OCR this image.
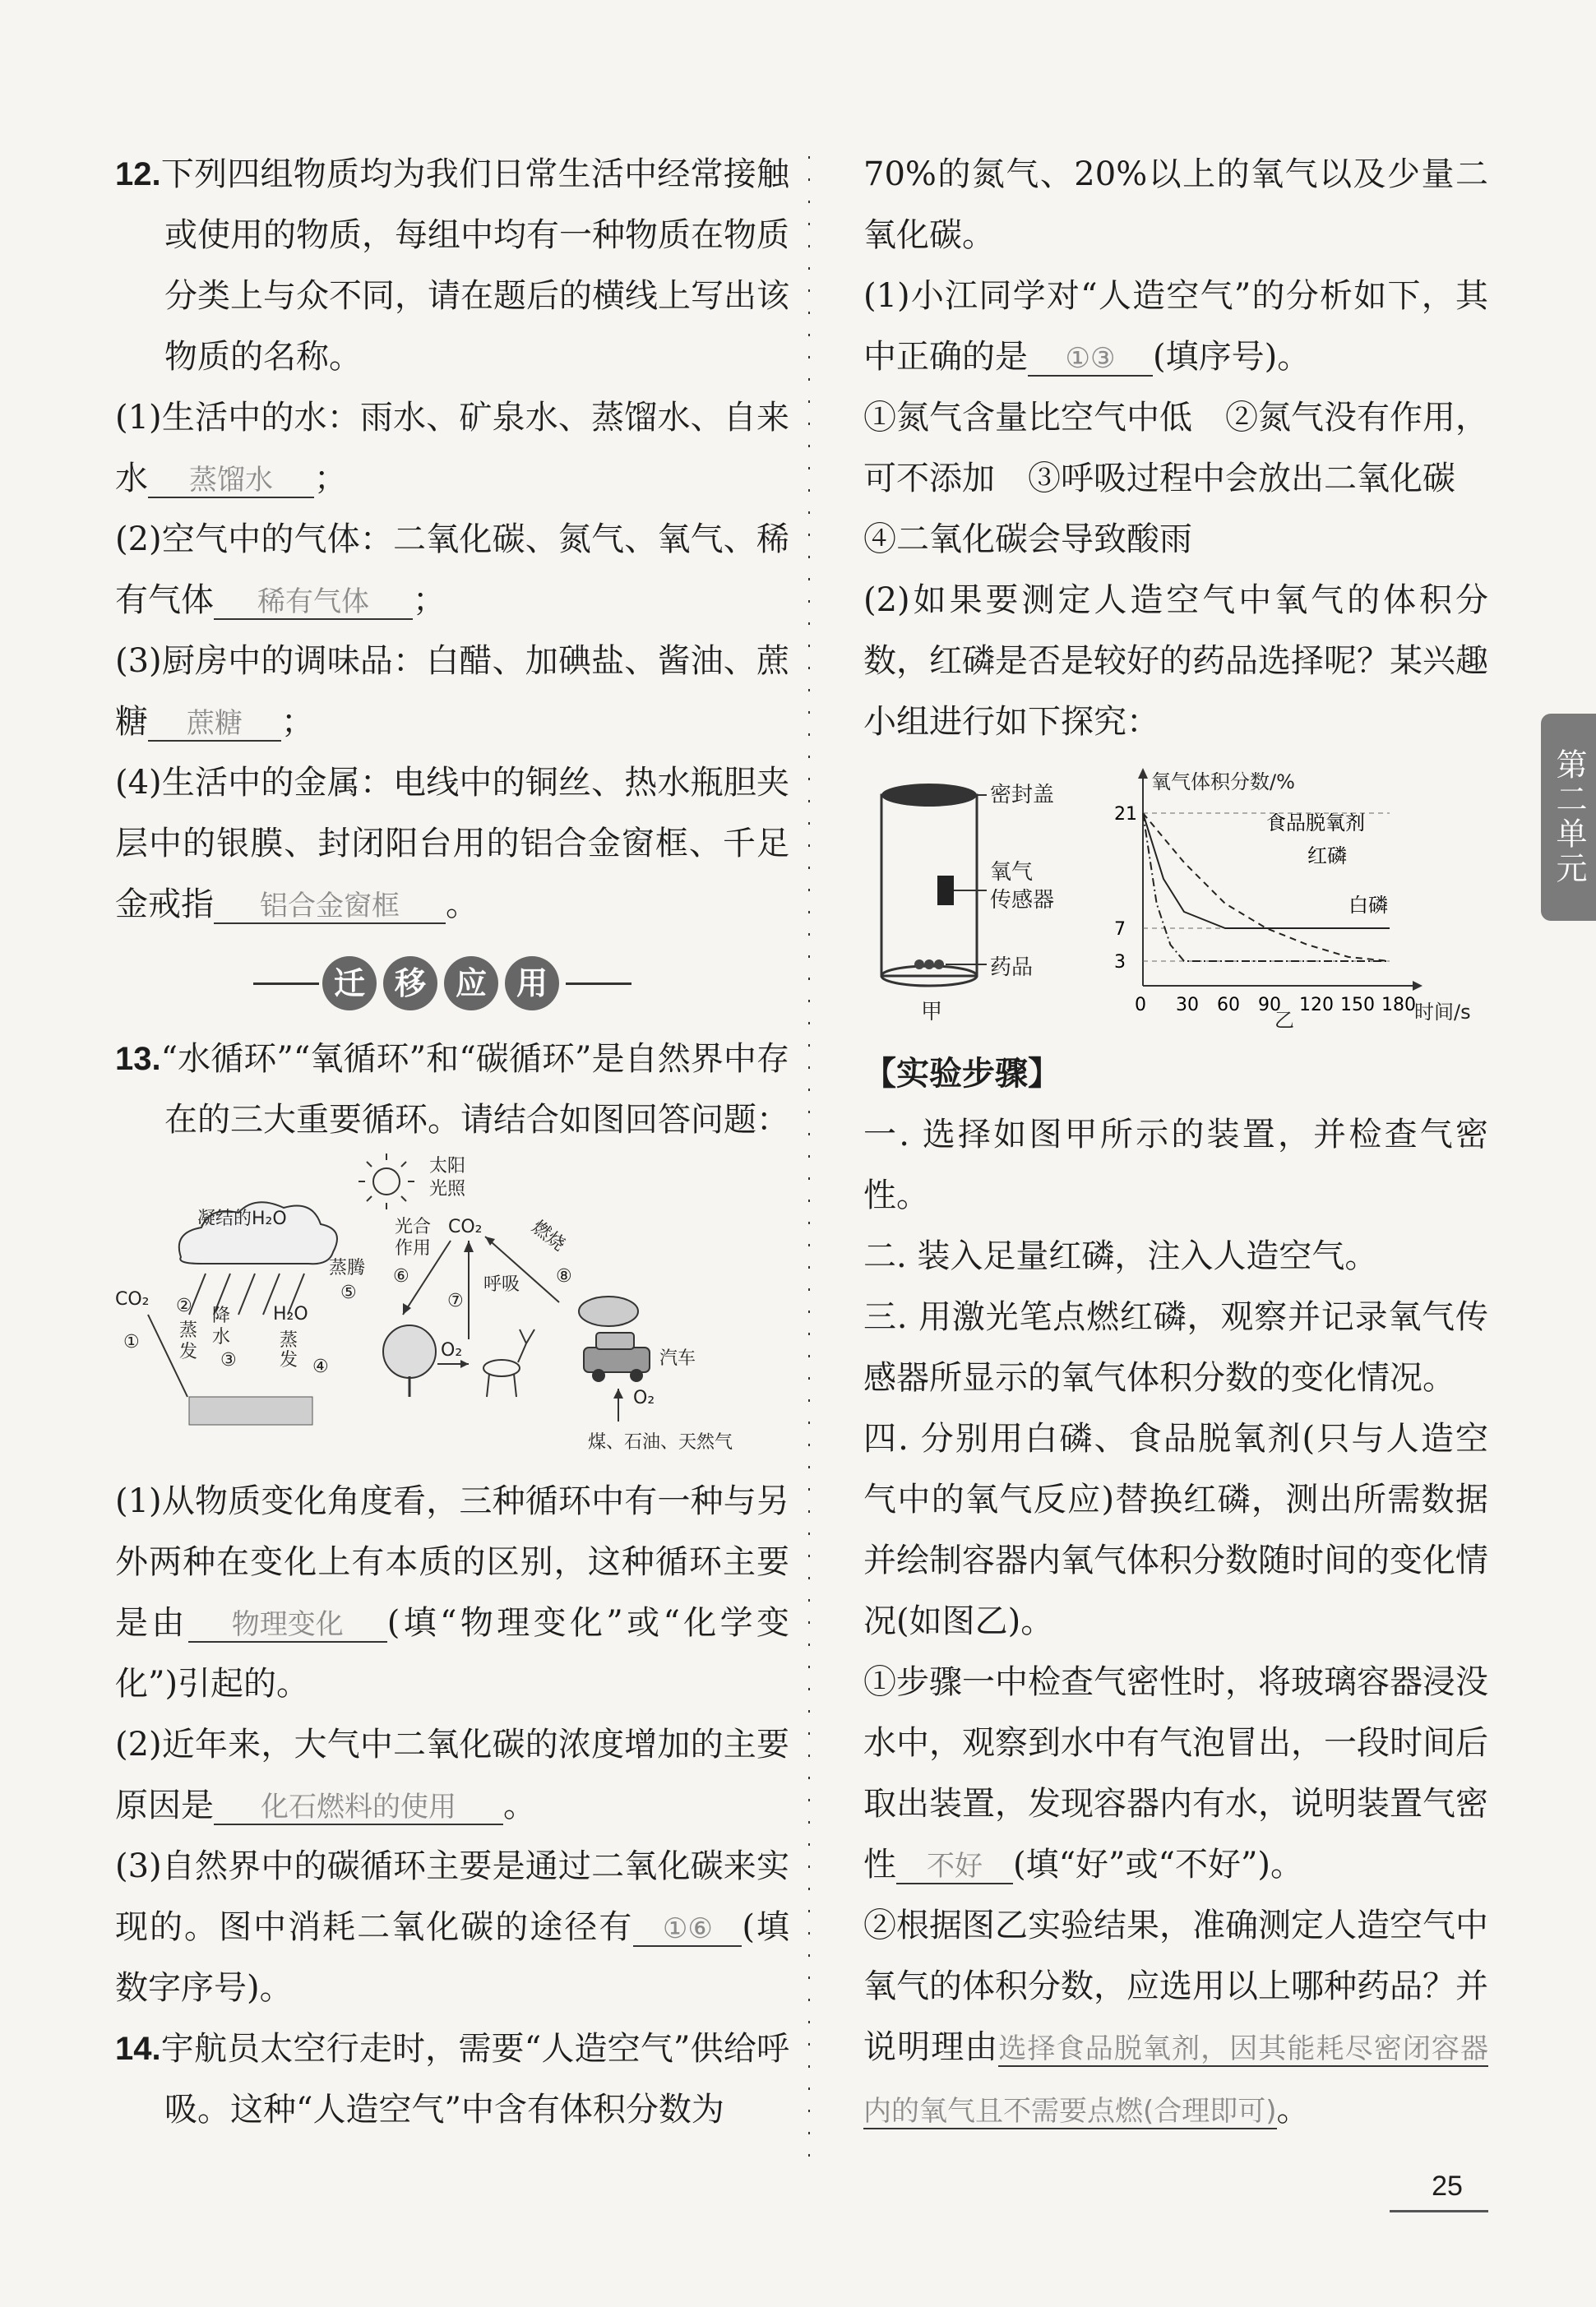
12.下列四组物质均为我们日常生活中经常接触或使用的物质，每组中均有一种物质在物质分类上与众不同，请在题后的横线上写出该物质的名称。

(1)生活中的水：雨水、矿泉水、蒸馏水、自来水 蒸馏水 ；

(2)空气中的气体：二氧化碳、氮气、氧气、稀有气体 稀有气体 ；

(3)厨房中的调味品：白醋、加碘盐、酱油、蔗糖 蔗糖 ；

(4)生活中的金属：电线中的铜丝、热水瓶胆夹层中的银膜、封闭阳台用的铝合金窗框、千足金戒指 铝合金窗框 。

迁 移 应 用

13.“水循环”“氧循环”和“碳循环”是自然界中存在的三大重要循环。请结合如图回答问题：

太阳
光照
凝结的H₂O
CO₂
①
②
蒸
发
降
水
③
H₂O
④
蒸
发
蒸腾
⑤
CO₂
光合
作用
⑥	呼吸
⑦
O₂
燃烧
⑧
汽车
O₂
煤、石油、天然气

(1)从物质变化角度看，三种循环中有一种与另外两种在变化上有本质的区别，这种循环主要是由 物理变化 (填“物理变化”或“化学变化”)引起的。

(2)近年来，大气中二氧化碳的浓度增加的主要原因是 化石燃料的使用 。

(3)自然界中的碳循环主要是通过二氧化碳来实现的。图中消耗二氧化碳的途径有 ①⑥ (填数字序号)。

14.宇航员太空行走时，需要“人造空气”供给呼吸。这种“人造空气”中含有体积分数为

70%的氮气、20%以上的氧气以及少量二氧化碳。

(1)小江同学对“人造空气”的分析如下，其中正确的是 ①③ (填序号)。

①氮气含量比空气中低　②氮气没有作用，可不添加　③呼吸过程中会放出二氧化碳

④二氧化碳会导致酸雨

(2)如果要测定人造空气中氧气的体积分数，红磷是否是较好的药品选择呢？某兴趣小组进行如下探究：

密封盖
氧气
传感器
药品
甲
氧气体积分数/%
时间/s
乙
0 30 60 90 120 150 180
3
7
21	食品脱氧剂
红磷
白磷

【实验步骤】

一. 选择如图甲所示的装置，并检查气密性。

二. 装入足量红磷，注入人造空气。

三. 用激光笔点燃红磷，观察并记录氧气传感器所显示的氧气体积分数的变化情况。

四. 分别用白磷、食品脱氧剂(只与人造空气中的氧气反应)替换红磷，测出所需数据并绘制容器内氧气体积分数随时间的变化情况(如图乙)。

①步骤一中检查气密性时，将玻璃容器浸没水中，观察到水中有气泡冒出，一段时间后取出装置，发现容器内有水，说明装置气密性 不好 (填“好”或“不好”)。

②根据图乙实验结果，准确测定人造空气中氧气的体积分数，应选用以上哪种药品？并说明理由选择食品脱氧剂，因其能耗尽密闭容器内的氧气且不需要点燃(合理即可)。

第二单元
25
